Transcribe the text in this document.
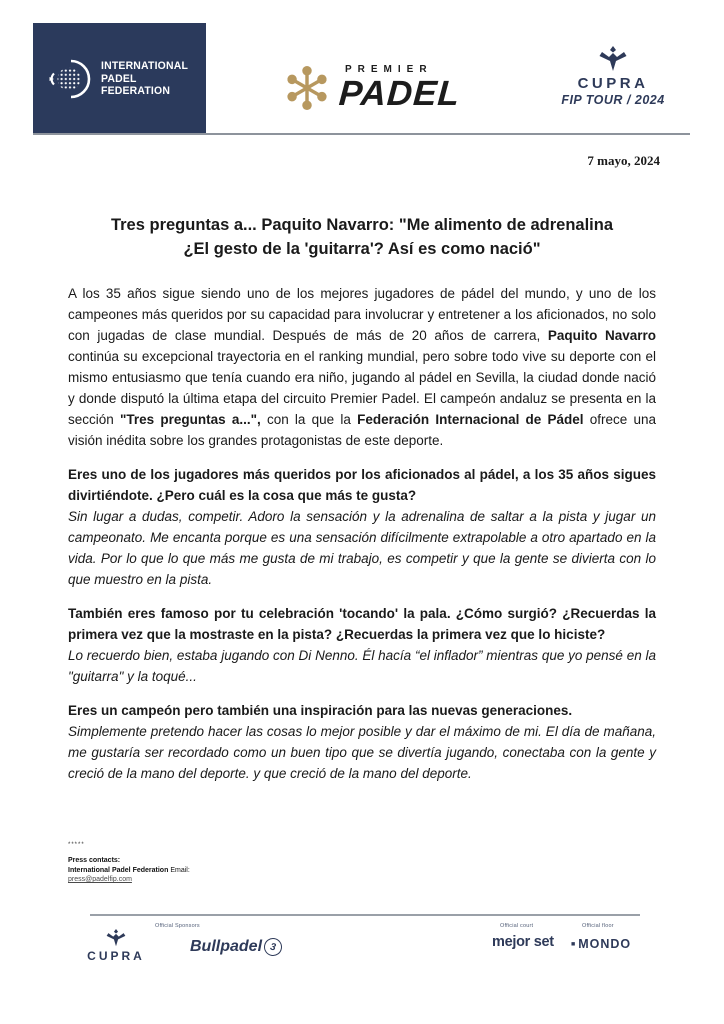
INTERNATIONAL
PADEL
FEDERATION
PREMIER
PADEL	CUPRA
FIP TOUR / 2024
7 mayo, 2024
Tres preguntas a... Paquito Navarro: "Me alimento de adrenalina
¿El gesto de la 'guitarra'? Así es como nació"

A los 35 años sigue siendo uno de los mejores jugadores de pádel del mundo, y uno de los campeones más queridos por su capacidad para involucrar y entretener a los aficionados, no solo con jugadas de clase mundial. Después de más de 20 años de carrera, Paquito Navarro continúa su excepcional trayectoria en el ranking mundial, pero sobre todo vive su deporte con el mismo entusiasmo que tenía cuando era niño, jugando al pádel en Sevilla, la ciudad donde nació y donde disputó la última etapa del circuito Premier Padel. El campeón andaluz se presenta en la sección "Tres preguntas a...", con la que la Federación Internacional de Pádel ofrece una visión inédita sobre los grandes protagonistas de este deporte.

Eres uno de los jugadores más queridos por los aficionados al pádel, a los 35 años sigues divirtiéndote. ¿Pero cuál es la cosa que más te gusta?

Sin lugar a dudas, competir. Adoro la sensación y la adrenalina de saltar a la pista y jugar un campeonato. Me encanta porque es una sensación difícilmente extrapolable a otro apartado en la vida. Por lo que lo que más me gusta de mi trabajo, es competir y que la gente se divierta con lo que muestro en la pista.

También eres famoso por tu celebración 'tocando' la pala. ¿Cómo surgió? ¿Recuerdas la primera vez que la mostraste en la pista? ¿Recuerdas la primera vez que lo hiciste?

Lo recuerdo bien, estaba jugando con Di Nenno. Él hacía “el inflador” mientras que yo pensé en la "guitarra" y la toqué...

Eres un campeón pero también una inspiración para las nuevas generaciones.

Simplemente pretendo hacer las cosas lo mejor posible y dar el máximo de mi. El día de mañana, me gustaría ser recordado como un buen tipo que se divertía jugando, conectaba con la gente y creció de la mano del deporte. y que creció de la mano del deporte.

*****
Press contacts:
International Padel Federation Email:
press@padelfip.com
Official Sponsors	Official court	Official floor
CUPRA
Bullpadel 3	mejor set ■ MONDO
